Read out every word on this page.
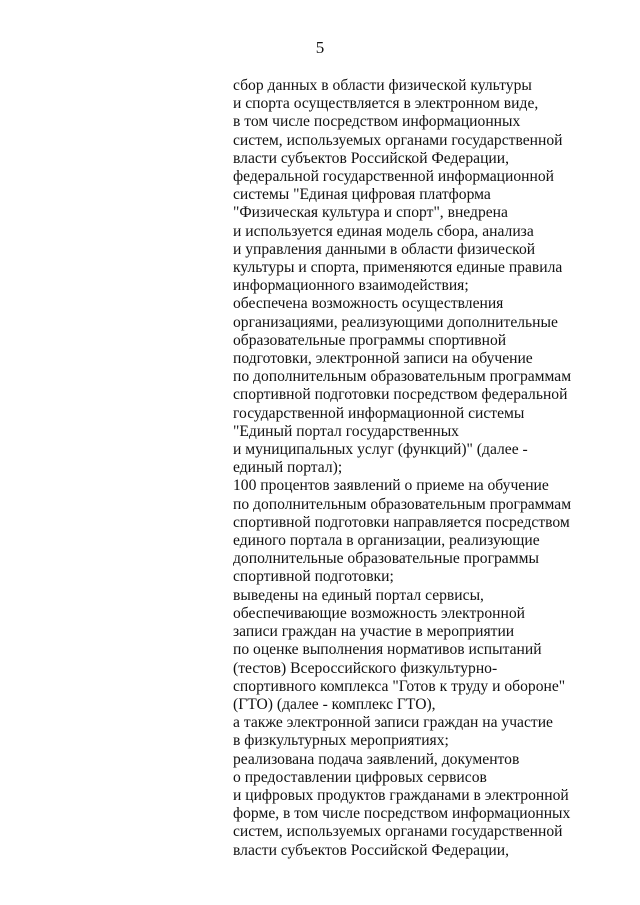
5
сбор данных в области физической культуры
и спорта осуществляется в электронном виде,
в том числе посредством информационных
систем, используемых органами государственной
власти субъектов Российской Федерации,
федеральной государственной информационной
системы "Единая цифровая платформа
"Физическая культура и спорт", внедрена
и используется единая модель сбора, анализа
и управления данными в области физической
культуры и спорта, применяются единые правила
информационного взаимодействия;
обеспечена возможность осуществления
организациями, реализующими дополнительные
образовательные программы спортивной
подготовки, электронной записи на обучение
по дополнительным образовательным программам
спортивной подготовки посредством федеральной
государственной информационной системы
"Единый портал государственных
и муниципальных услуг (функций)" (далее -
единый портал);
100 процентов заявлений о приеме на обучение
по дополнительным образовательным программам
спортивной подготовки направляется посредством
единого портала в организации, реализующие
дополнительные образовательные программы
спортивной подготовки;
выведены на единый портал сервисы,
обеспечивающие возможность электронной
записи граждан на участие в мероприятии
по оценке выполнения нормативов испытаний
(тестов) Всероссийского физкультурно-
спортивного комплекса "Готов к труду и обороне"
(ГТО) (далее - комплекс ГТО),
а также электронной записи граждан на участие
в физкультурных мероприятиях;
реализована подача заявлений, документов
о предоставлении цифровых сервисов
и цифровых продуктов гражданами в электронной
форме, в том числе посредством информационных
систем, используемых органами государственной
власти субъектов Российской Федерации,
